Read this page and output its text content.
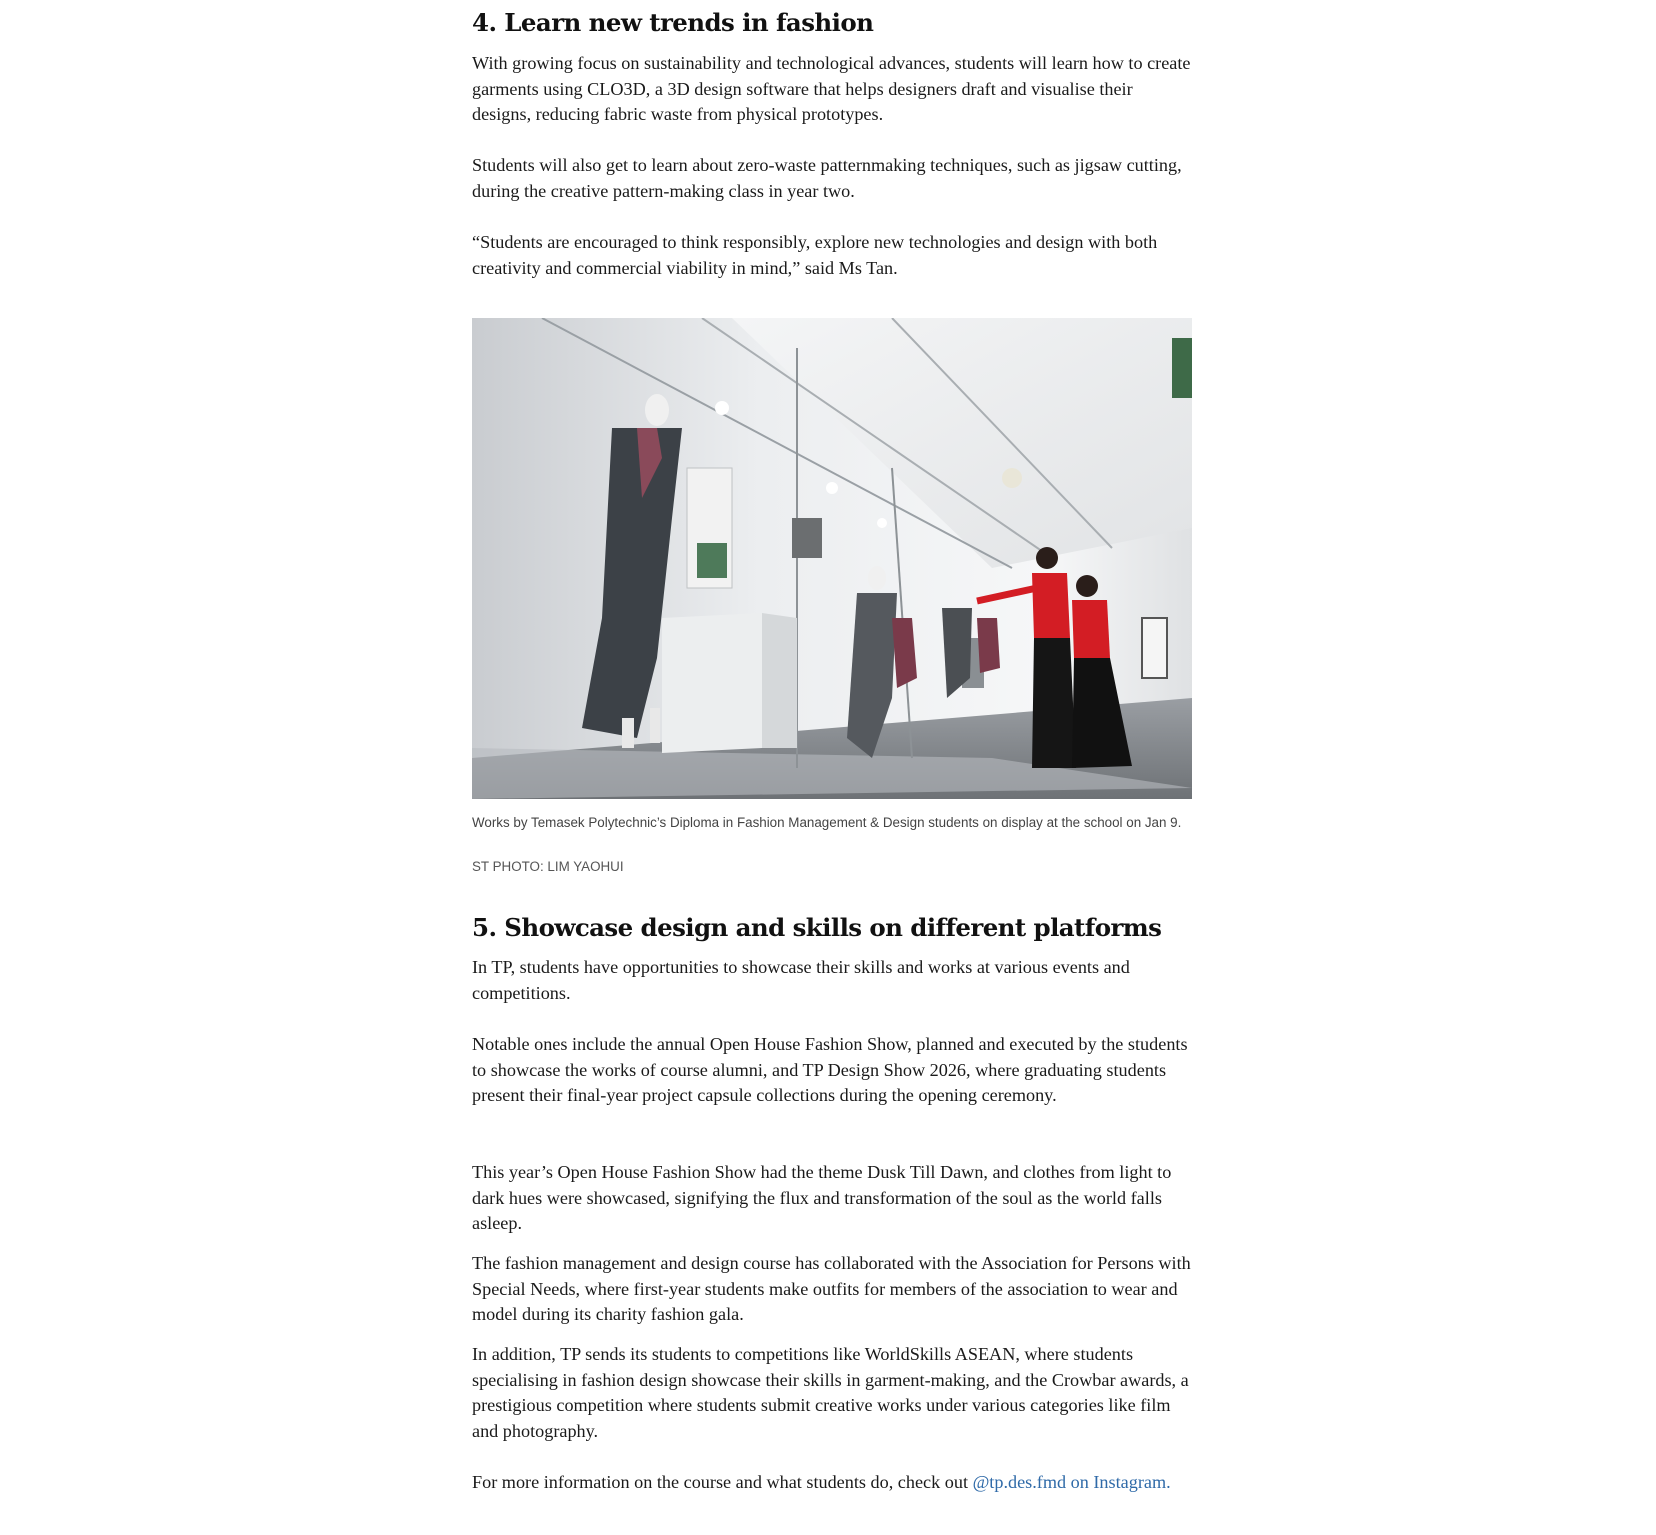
4. Learn new trends in fashion

With growing focus on sustainability and technological advances, students will learn how to create garments using CLO3D, a 3D design software that helps designers draft and visualise their designs, reducing fabric waste from physical prototypes.

Students will also get to learn about zero-waste patternmaking techniques, such as jigsaw cutting, during the creative pattern-making class in year two.

“Students are encouraged to think responsibly, explore new technologies and design with both creativity and commercial viability in mind,” said Ms Tan.

Works by Temasek Polytechnic’s Diploma in Fashion Management & Design students on display at the school on Jan 9.
ST PHOTO: LIM YAOHUI
5. Showcase design and skills on different platforms

In TP, students have opportunities to showcase their skills and works at various events and competitions.

Notable ones include the annual Open House Fashion Show, planned and executed by the students to showcase the works of course alumni, and TP Design Show 2026, where graduating students present their final-year project capsule collections during the opening ceremony.

This year’s Open House Fashion Show had the theme Dusk Till Dawn, and clothes from light to dark hues were showcased, signifying the flux and transformation of the soul as the world falls asleep.

The fashion management and design course has collaborated with the Association for Persons with Special Needs, where first-year students make outfits for members of the association to wear and model during its charity fashion gala.

In addition, TP sends its students to competitions like WorldSkills ASEAN, where students specialising in fashion design showcase their skills in garment-making, and the Crowbar awards, a prestigious competition where students submit creative works under various categories like film and photography.

For more information on the course and what students do, check out @tp.des.fmd on Instagram.
